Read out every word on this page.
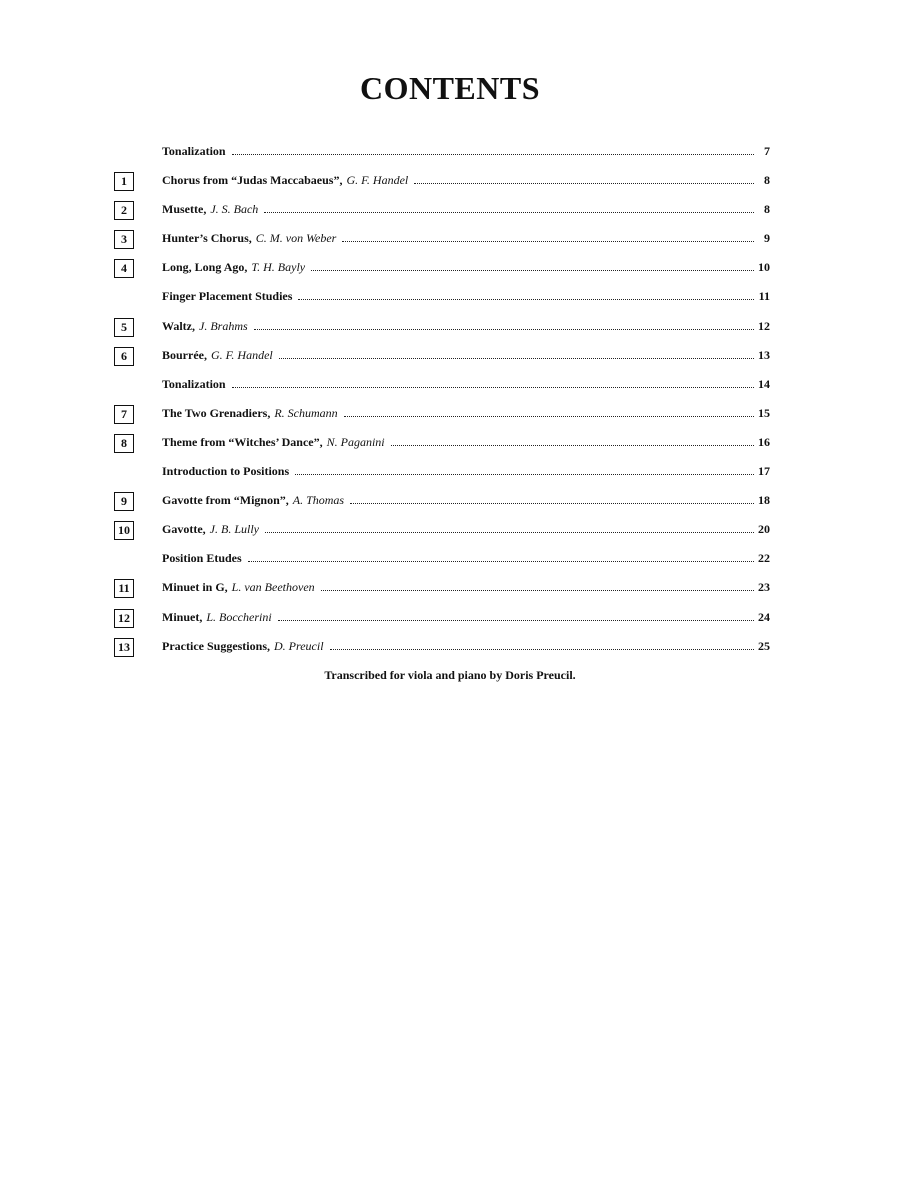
CONTENTS
Tonalization	7
1	Chorus from “Judas Maccabaeus”, G. F. Handel	8
2	Musette, J. S. Bach	8
3	Hunter’s Chorus, C. M. von Weber	9
4	Long, Long Ago, T. H. Bayly	10
Finger Placement Studies	11
5	Waltz, J. Brahms	12
6	Bourrée, G. F. Handel	13
Tonalization	14
7	The Two Grenadiers, R. Schumann	15
8	Theme from “Witches’ Dance”, N. Paganini	16
Introduction to Positions	17
9	Gavotte from “Mignon”, A. Thomas	18
10	Gavotte, J. B. Lully	20
Position Etudes	22
11	Minuet in G, L. van Beethoven	23
12	Minuet, L. Boccherini	24
13	Practice Suggestions, D. Preucil	25
Transcribed for viola and piano by Doris Preucil.
